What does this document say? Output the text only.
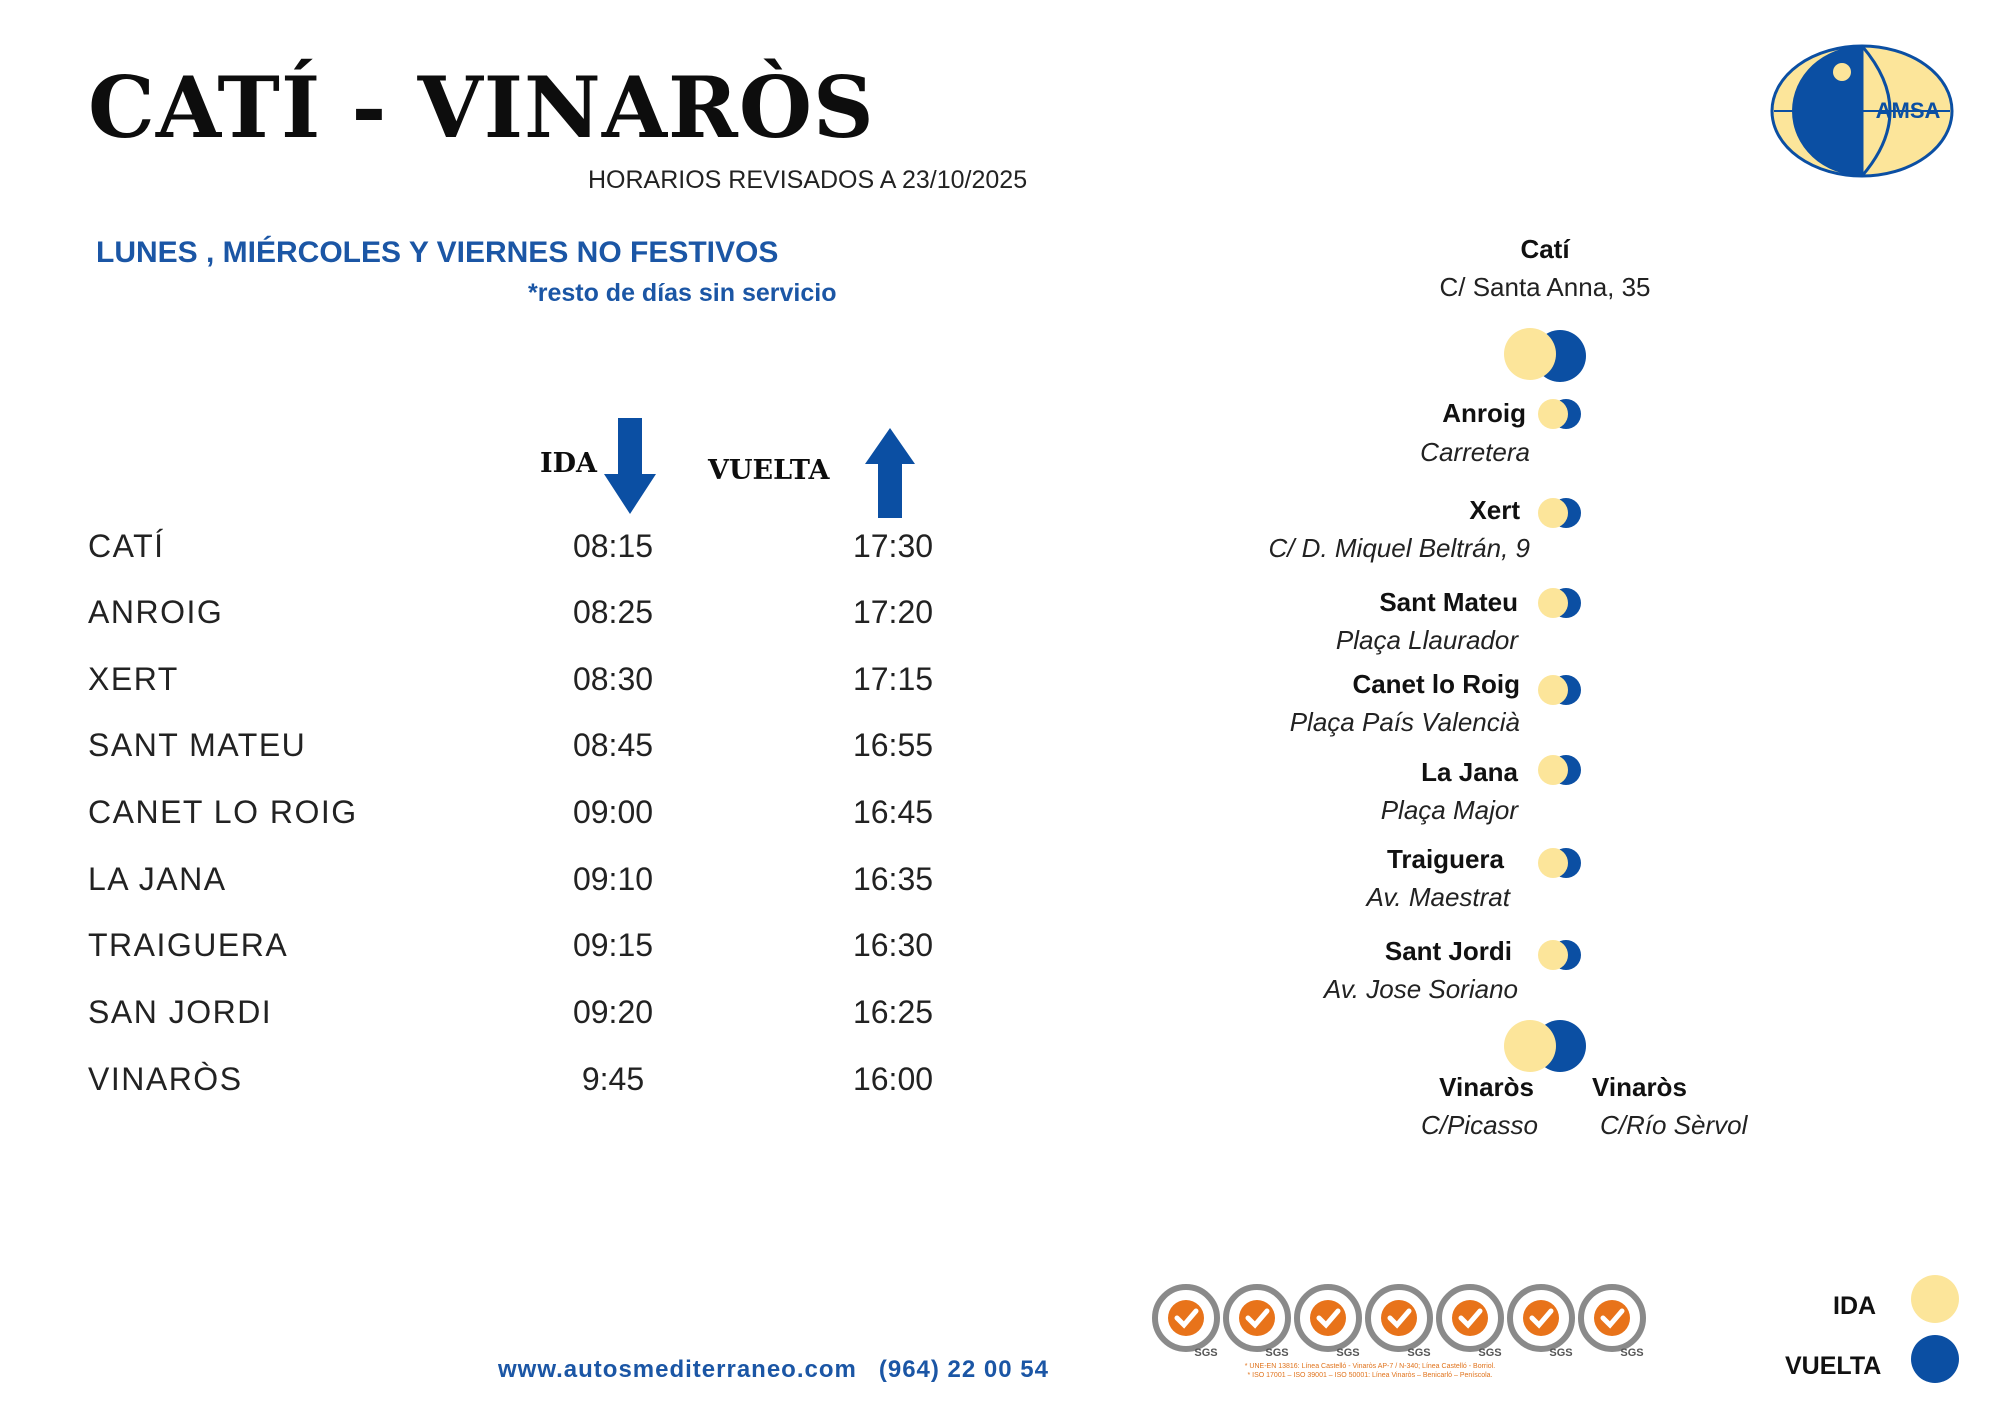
CATÍ - VINARÒS
HORARIOS REVISADOS A 23/10/2025
LUNES , MIÉRCOLES Y VIERNES NO FESTIVOS
*resto de días sin servicio
AMSA
IDA	VUELTA
CATÍ	08:15	17:30
ANROIG	08:25	17:20
XERT	08:30	17:15
SANT MATEU	08:45	16:55
CANET LO ROIG	09:00	16:45
LA JANA	09:10	16:35
TRAIGUERA	09:15	16:30
SAN JORDI	09:20	16:25
VINARÒS	9:45	16:00
Catí
C/ Santa Anna, 35
Anroig
Carretera
Xert
C/ D. Miquel Beltrán, 9
Sant Mateu
Plaça Llaurador
Canet lo Roig
Plaça País Valencià
La Jana
Plaça Major
Traiguera
Av. Maestrat
Sant Jordi
Av. Jose Soriano
Vinaròs
C/Picasso
Vinaròs
C/Río Sèrvol
www.autosmediterraneo.com (964) 22 00 54
SGS	SGS	SGS	SGS	SGS	SGS	SGS
* UNE-EN 13816: Línea Castelló - Vinaròs AP-7 / N-340; Línea Castelló - Borriol.
* ISO 17001 – ISO 39001 – ISO 50001: Línea Vinaròs – Benicarló – Peníscola.
IDA
VUELTA
